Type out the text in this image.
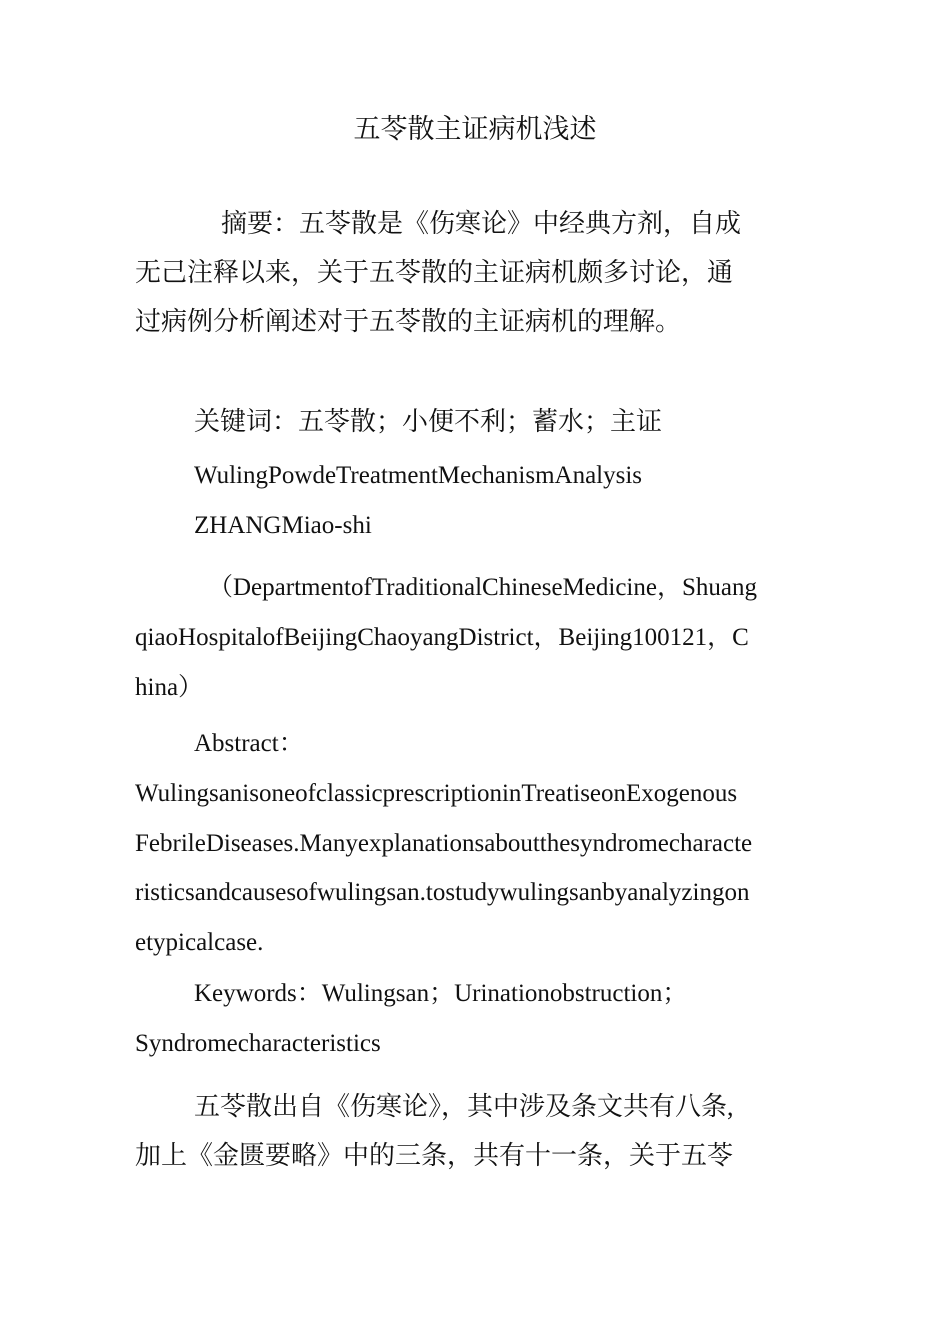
五苓散主证病机浅述
摘要：五苓散是《伤寒论》中经典方剂，自成
无己注释以来，关于五苓散的主证病机颇多讨论，通
过病例分析阐述对于五苓散的主证病机的理解。
关键词：五苓散；小便不利；蓄水；主证
WulingPowdeTreatmentMechanismAnalysis
ZHANGMiao-shi
（DepartmentofTraditionalChineseMedicine，Shuang
qiaoHospitalofBeijingChaoyangDistrict，Beijing100121，C
hina）
Abstract：
WulingsanisoneofclassicprescriptioninTreatiseonExogenous
FebrileDiseases.Manyexplanationsaboutthesyndromecharacte
risticsandcausesofwulingsan.tostudywulingsanbyanalyzingon
etypicalcase.
Keywords：Wulingsan；Urinationobstruction；
Syndromecharacteristics
五苓散出自《伤寒论》，其中涉及条文共有八条,
加上《金匮要略》中的三条，共有十一条，关于五苓
